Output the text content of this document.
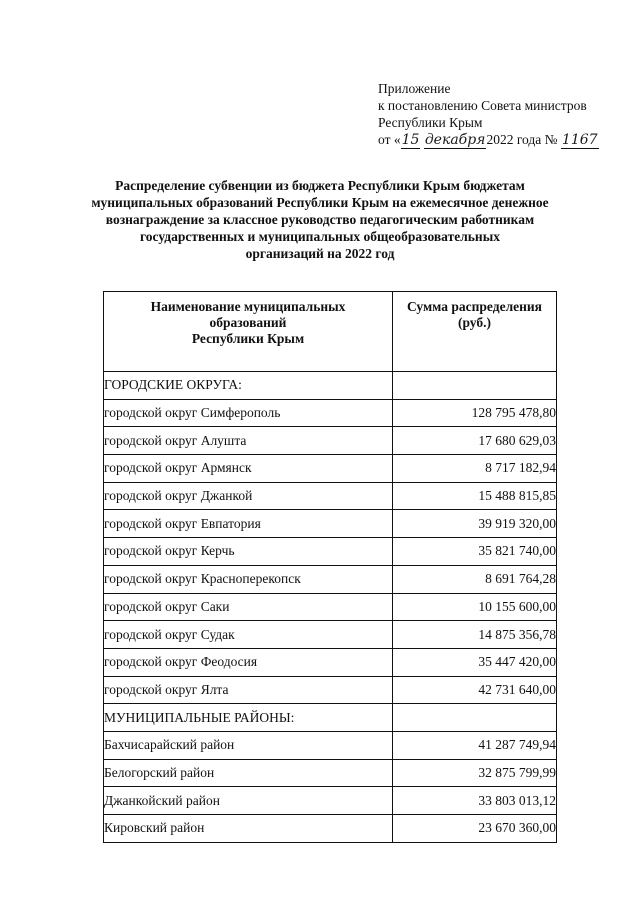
Приложение
к постановлению Совета министров
Республики Крым
от «15 декабря2022 года № 1167
Распределение субвенции из бюджета Республики Крым бюджетам
муниципальных образований Республики Крым на ежемесячное денежное
вознаграждение за классное руководство педагогическим работникам
государственных и муниципальных общеобразовательных
организаций на 2022 год
Наименование муниципальных
образований
Республики Крым	Сумма распределения
(руб.)

ГОРОДСКИЕ ОКРУГА:	
городской округ Симферополь	128 795 478,80
городской округ Алушта	17 680 629,03
городской округ Армянск	8 717 182,94
городской округ Джанкой	15 488 815,85
городской округ Евпатория	39 919 320,00
городской округ Керчь	35 821 740,00
городской округ Красноперекопск	8 691 764,28
городской округ Саки	10 155 600,00
городской округ Судак	14 875 356,78
городской округ Феодосия	35 447 420,00
городской округ Ялта	42 731 640,00
МУНИЦИПАЛЬНЫЕ РАЙОНЫ:	
Бахчисарайский район	41 287 749,94
Белогорский район	32 875 799,99
Джанкойский район	33 803 013,12
Кировский район	23 670 360,00
